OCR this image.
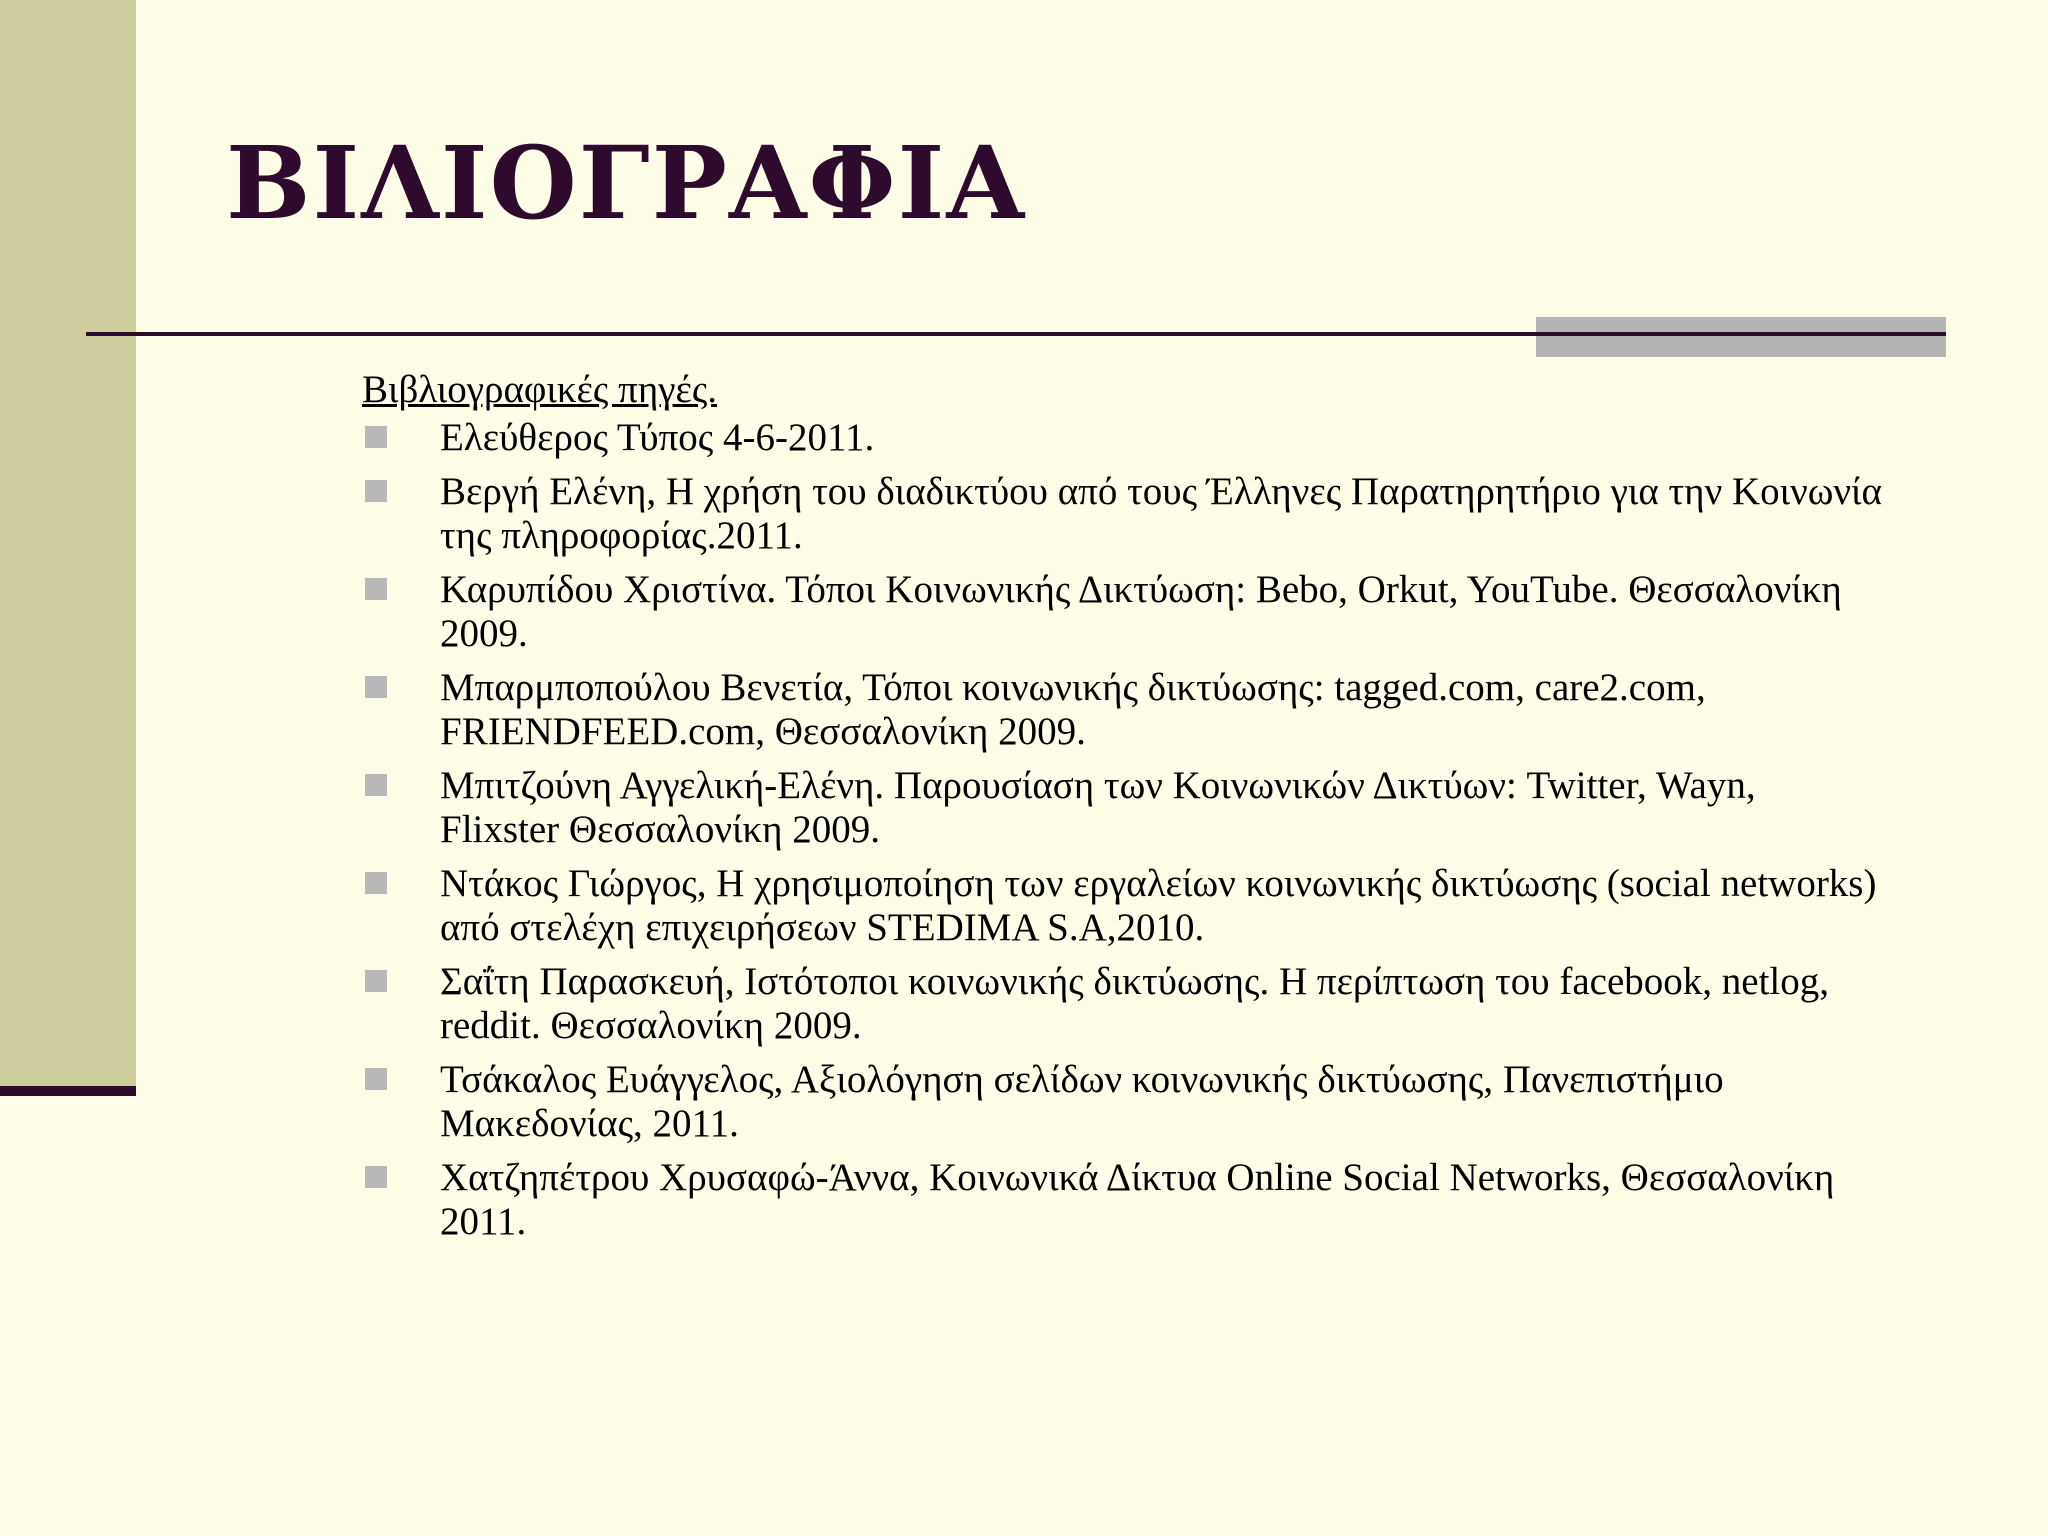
ΒΙΛΙΟΓΡΑΦΙΑ
Βιβλιογραφικές πηγές.
Ελεύθερος Τύπος 4-6-2011.
Βεργή Ελένη, Η χρήση του διαδικτύου από τους Έλληνες Παρατηρητήριο για την Κοινωνία της πληροφορίας.2011.
Καρυπίδου Χριστίνα. Τόποι Κοινωνικής Δικτύωση: Bebo, Orkut, YouTube. Θεσσαλονίκη 2009.
Μπαρμποπούλου Βενετία, Τόποι κοινωνικής δικτύωσης: tagged.com, care2.com, FRIENDFEED.com, Θεσσαλονίκη 2009.
Μπιτζούνη Αγγελική-Ελένη. Παρουσίαση των Κοινωνικών Δικτύων: Twitter, Wayn, Flixster Θεσσαλονίκη 2009.
Ντάκος Γιώργος, Η χρησιμοποίηση των εργαλείων κοινωνικής δικτύωσης (social networks) από στελέχη επιχειρήσεων STEDIMA S.A,2010.
Σαΐτη Παρασκευή, Ιστότοποι κοινωνικής δικτύωσης. Η περίπτωση του facebook, netlog, reddit. Θεσσαλονίκη 2009.
Τσάκαλος Ευάγγελος, Αξιολόγηση σελίδων κοινωνικής δικτύωσης, Πανεπιστήμιο Μακεδονίας, 2011.
Χατζηπέτρου Χρυσαφώ-Άννα, Κοινωνικά Δίκτυα Online Social Networks, Θεσσαλονίκη 2011.
